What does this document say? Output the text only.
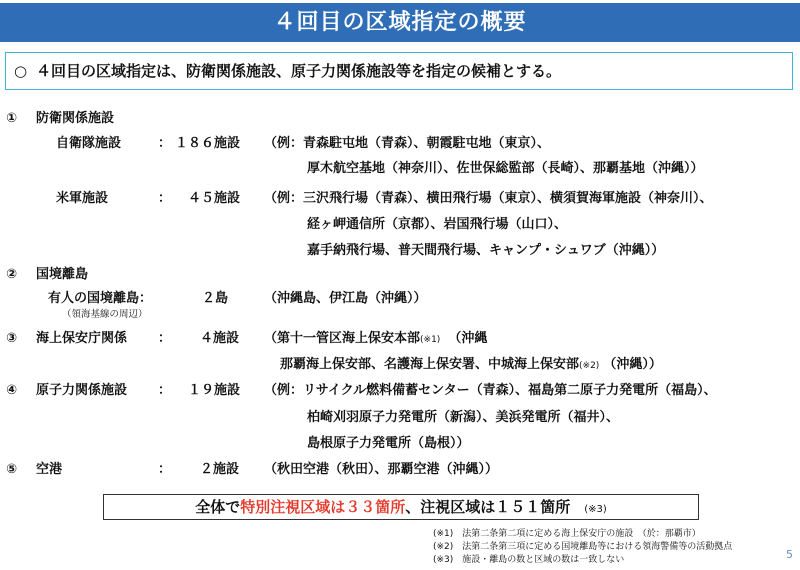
４回目の区域指定の概要
○ ４回目の区域指定は、防衛関係施設、原子力関係施設等を指定の候補とする。
① 防衛関係施設
自衛隊施設	： １８６施設 （例：青森駐屯地（青森）、朝霞駐屯地（東京）、
厚木航空基地（神奈川）、佐世保総監部（長崎）、那覇基地（沖縄））
米軍施設	： ４５施設 （例：三沢飛行場（青森）、横田飛行場（東京）、横須賀海軍施設（神奈川）、
経ヶ岬通信所（京都）、岩国飛行場（山口）、
嘉手納飛行場、普天間飛行場、キャンプ・シュワブ（沖縄））
② 国境離島
有人の国境離島：
（領海基線の周辺）
２島	（沖縄島、伊江島（沖縄））
③ 海上保安庁関係 ： ４施設 （第十一管区海上保安本部(※1) （沖縄
那覇海上保安部、名護海上保安署、中城海上保安部(※2) （沖縄））
④ 原子力関係施設 ： １９施設 （例：リサイクル燃料備蓄センター（青森）、福島第二原子力発電所（福島）、
柏崎刈羽原子力発電所（新潟）、美浜発電所（福井）、
島根原子力発電所（島根））
⑤ 空港	： ２施設 （秋田空港（秋田）、那覇空港（沖縄））
全体で特別注視区域は３３箇所、注視区域は１５１箇所 (※3)
(※1)　法第二条第二項に定める海上保安庁の施設　（於：那覇市）
(※2)　法第二条第三項に定める国境離島等における領海警備等の活動拠点
(※3)　施設・離島の数と区域の数は一致しない	5
